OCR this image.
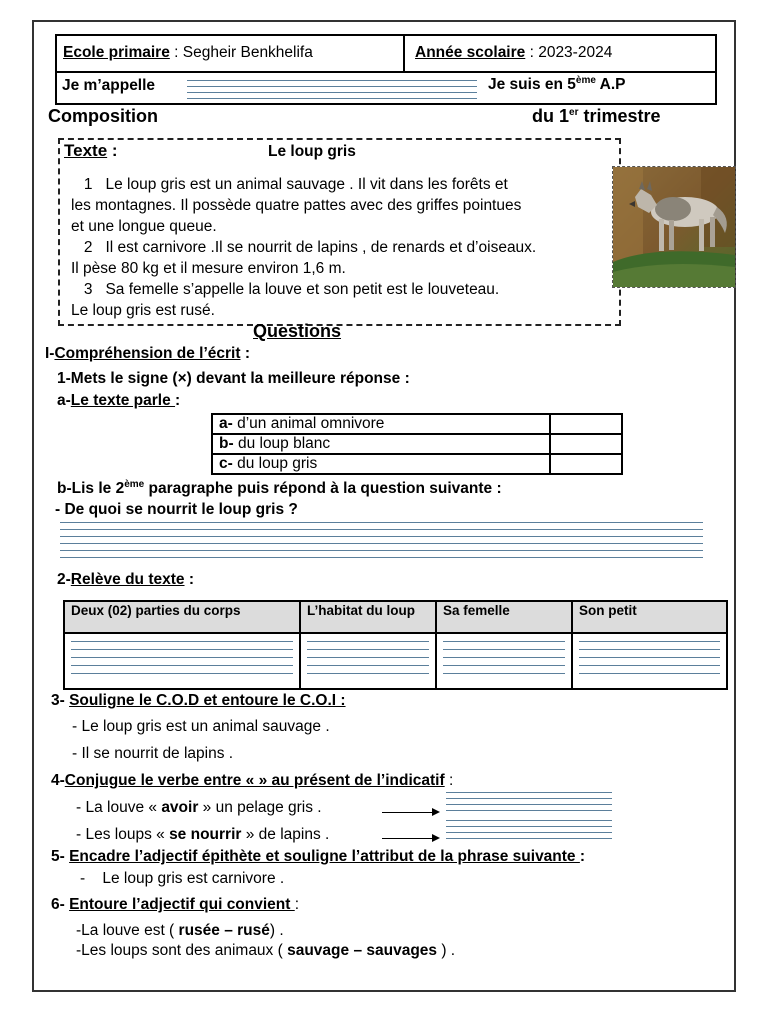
Ecole primaire : Segheir Benkhelifa	Année scolaire : 2023-2024
Je m’appelle	Je suis en 5ème A.P
Composition	du 1er trimestre
Texte :	Le loup gris
1   Le loup gris est un animal sauvage . Il vit dans les forêts et
les montagnes. Il possède quatre pattes avec des griffes pointues
et une longue queue.
2   Il est carnivore .Il se nourrit de lapins , de renards et d’oiseaux.
Il pèse 80 kg et il mesure environ 1,6 m.
3   Sa femelle s’appelle la louve et son petit est le louveteau.
Le loup gris est rusé.
Questions
I-Compréhension de l’écrit :
1-Mets le signe (×) devant la meilleure réponse :
a-Le texte parle :
a- d’un animal omnivore	
b- du loup blanc	
c- du loup gris	
b-Lis le 2ème paragraphe puis répond à la question suivante :
- De quoi se nourrit le loup gris ?
2-Relève du texte :
Deux (02) parties du corps	L’habitat du loup	Sa femelle	Son petit

3- Souligne le C.O.D et entoure le C.O.I :
- Le loup gris est un animal sauvage .
- Il se nourrit de lapins .
4-Conjugue le verbe entre « » au présent de l’indicatif :
- La louve « avoir » un pelage gris .
- Les loups « se nourrir » de lapins .
5- Encadre l’adjectif épithète et souligne l’attribut de la phrase suivante :
-    Le loup gris est carnivore .
6- Entoure l’adjectif qui convient :
-La louve est ( rusée – rusé) .
-Les loups sont des animaux ( sauvage – sauvages ) .
